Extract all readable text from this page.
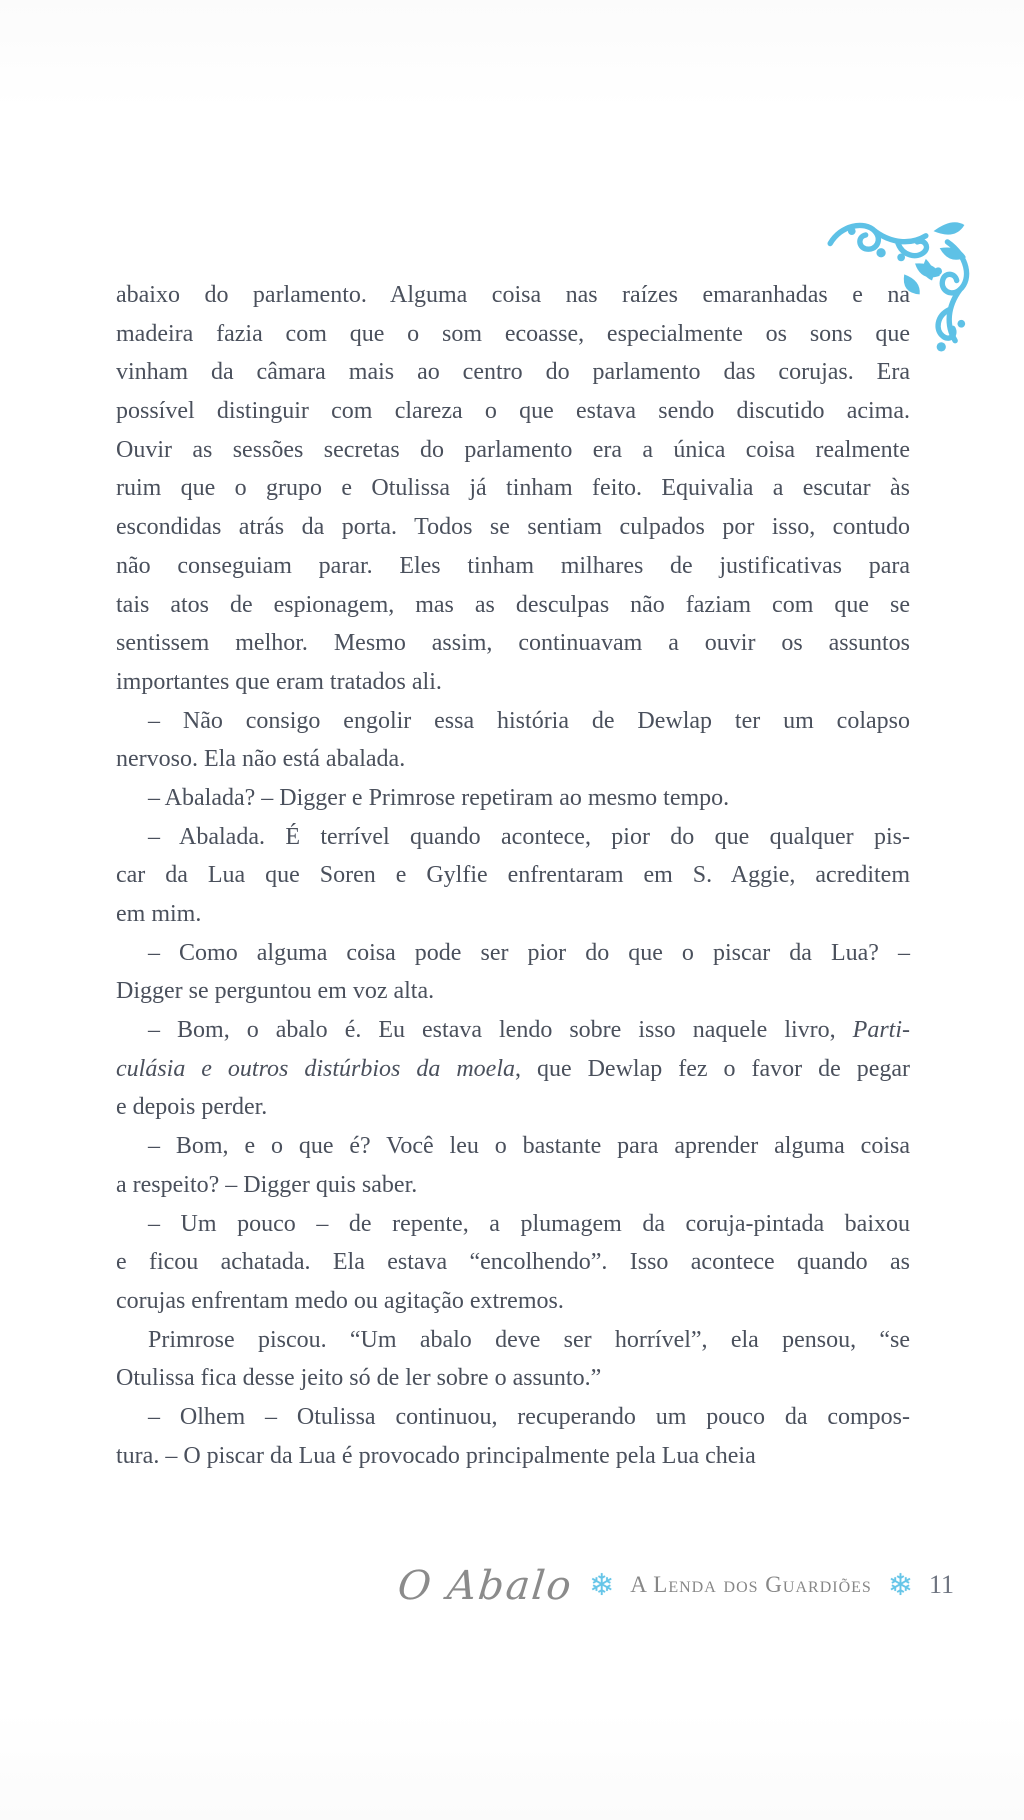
abaixo do parlamento. Alguma coisa nas raízes emaranhadas e na
madeira fazia com que o som ecoasse, especialmente os sons que
vinham da câmara mais ao centro do parlamento das corujas. Era
possível distinguir com clareza o que estava sendo discutido acima.
Ouvir as sessões secretas do parlamento era a única coisa realmente
ruim que o grupo e Otulissa já tinham feito. Equivalia a escutar às
escondidas atrás da porta. Todos se sentiam culpados por isso, contudo
não conseguiam parar. Eles tinham milhares de justificativas para
tais atos de espionagem, mas as desculpas não faziam com que se
sentissem melhor. Mesmo assim, continuavam a ouvir os assuntos
importantes que eram tratados ali.
– Não consigo engolir essa história de Dewlap ter um colapso
nervoso. Ela não está abalada.
– Abalada? – Digger e Primrose repetiram ao mesmo tempo.
– Abalada. É terrível quando acontece, pior do que qualquer pis-
car da Lua que Soren e Gylfie enfrentaram em S. Aggie, acreditem
em mim.
– Como alguma coisa pode ser pior do que o piscar da Lua? –
Digger se perguntou em voz alta.
– Bom, o abalo é. Eu estava lendo sobre isso naquele livro, Parti-
culásia e outros distúrbios da moela, que Dewlap fez o favor de pegar
e depois perder.
– Bom, e o que é? Você leu o bastante para aprender alguma coisa
a respeito? – Digger quis saber.
– Um pouco – de repente, a plumagem da coruja-pintada baixou
e ficou achatada. Ela estava “encolhendo”. Isso acontece quando as
corujas enfrentam medo ou agitação extremos.
Primrose piscou. “Um abalo deve ser horrível”, ela pensou, “se
Otulissa fica desse jeito só de ler sobre o assunto.”
– Olhem – Otulissa continuou, recuperando um pouco da compos-
tura. – O piscar da Lua é provocado principalmente pela Lua cheia
O Abalo ❄ A Lenda dos Guardiões ❄ 11
